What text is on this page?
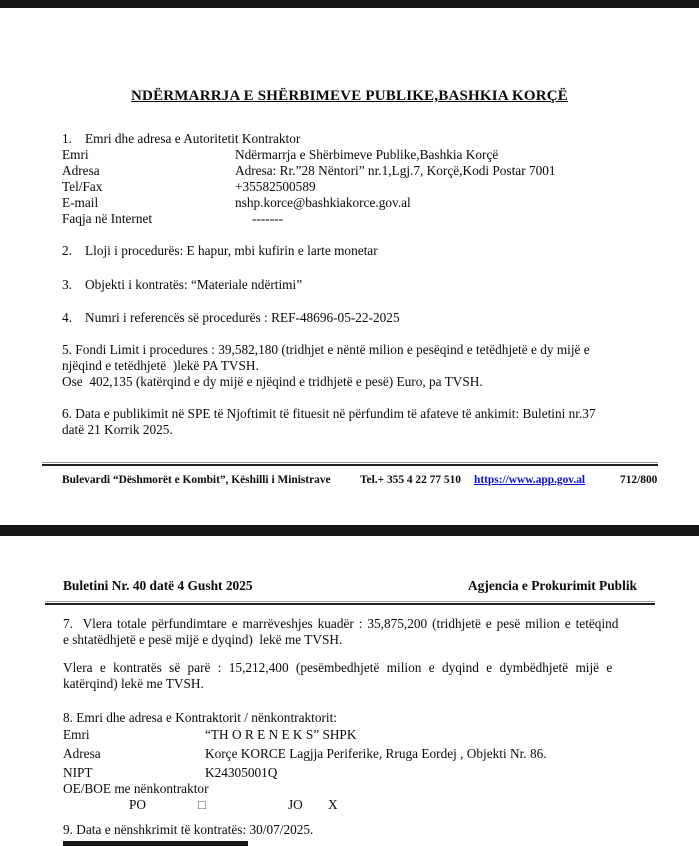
NDËRMARRJA E SHËRBIMEVE PUBLIKE,BASHKIA KORÇË
1. Emri dhe adresa e Autoritetit Kontraktor
Emri	Ndërmarrja e Shërbimeve Publike,Bashkia Korçë
Adresa	Adresa: Rr.”28 Nëntori” nr.1,Lgj.7, Korçë,Kodi Postar 7001
Tel/Fax	+35582500589
E-mail	nshp.korce@bashkiakorce.gov.al
Faqja në Internet	-------
2. Lloji i procedurës: E hapur, mbi kufirin e larte monetar
3. Objekti i kontratës: “Materiale ndërtimi”
4. Numri i referencës së procedurës : REF-48696-05-22-2025
5. Fondi Limit i procedures : 39,582,180 (tridhjet e nëntë milion e pesëqind e tetëdhjetë e dy mijë e
njëqind e tetëdhjetë  )lekë PA TVSH.
Ose  402,135 (katërqind e dy mijë e njëqind e tridhjetë e pesë) Euro, pa TVSH.
6. Data e publikimit në SPE të Njoftimit të fituesit në përfundim të afateve të ankimit: Buletini nr.37
datë 21 Korrik 2025.
Bulevardi “Dëshmorët e Kombit”, Këshilli i Ministrave	Tel.+ 355 4 22 77 510 https://www.app.gov.al	712/800
Buletini Nr. 40 datë 4 Gusht 2025	Agjencia e Prokurimit Publik
7.  Vlera totale përfundimtare e marrëveshjes kuadër : 35,875,200 (tridhjetë e pesë milion e tetëqind
e shtatëdhjetë e pesë mijë e dyqind)  lekë me TVSH.
Vlera e kontratës së parë : 15,212,400 (pesëmbedhjetë milion e dyqind e dymbëdhjetë mijë e
katërqind) lekë me TVSH.
8. Emri dhe adresa e Kontraktorit / nënkontraktorit:
Emri	“TH O R E N E K S” SHPK
Adresa	Korçe KORCE Lagjja Periferike, Rruga Eordej , Objekti Nr. 86.
NIPT	K24305001Q
OE/BOE me nënkontraktor
PO	□	JO X
9. Data e nënshkrimit të kontratës: 30/07/2025.
